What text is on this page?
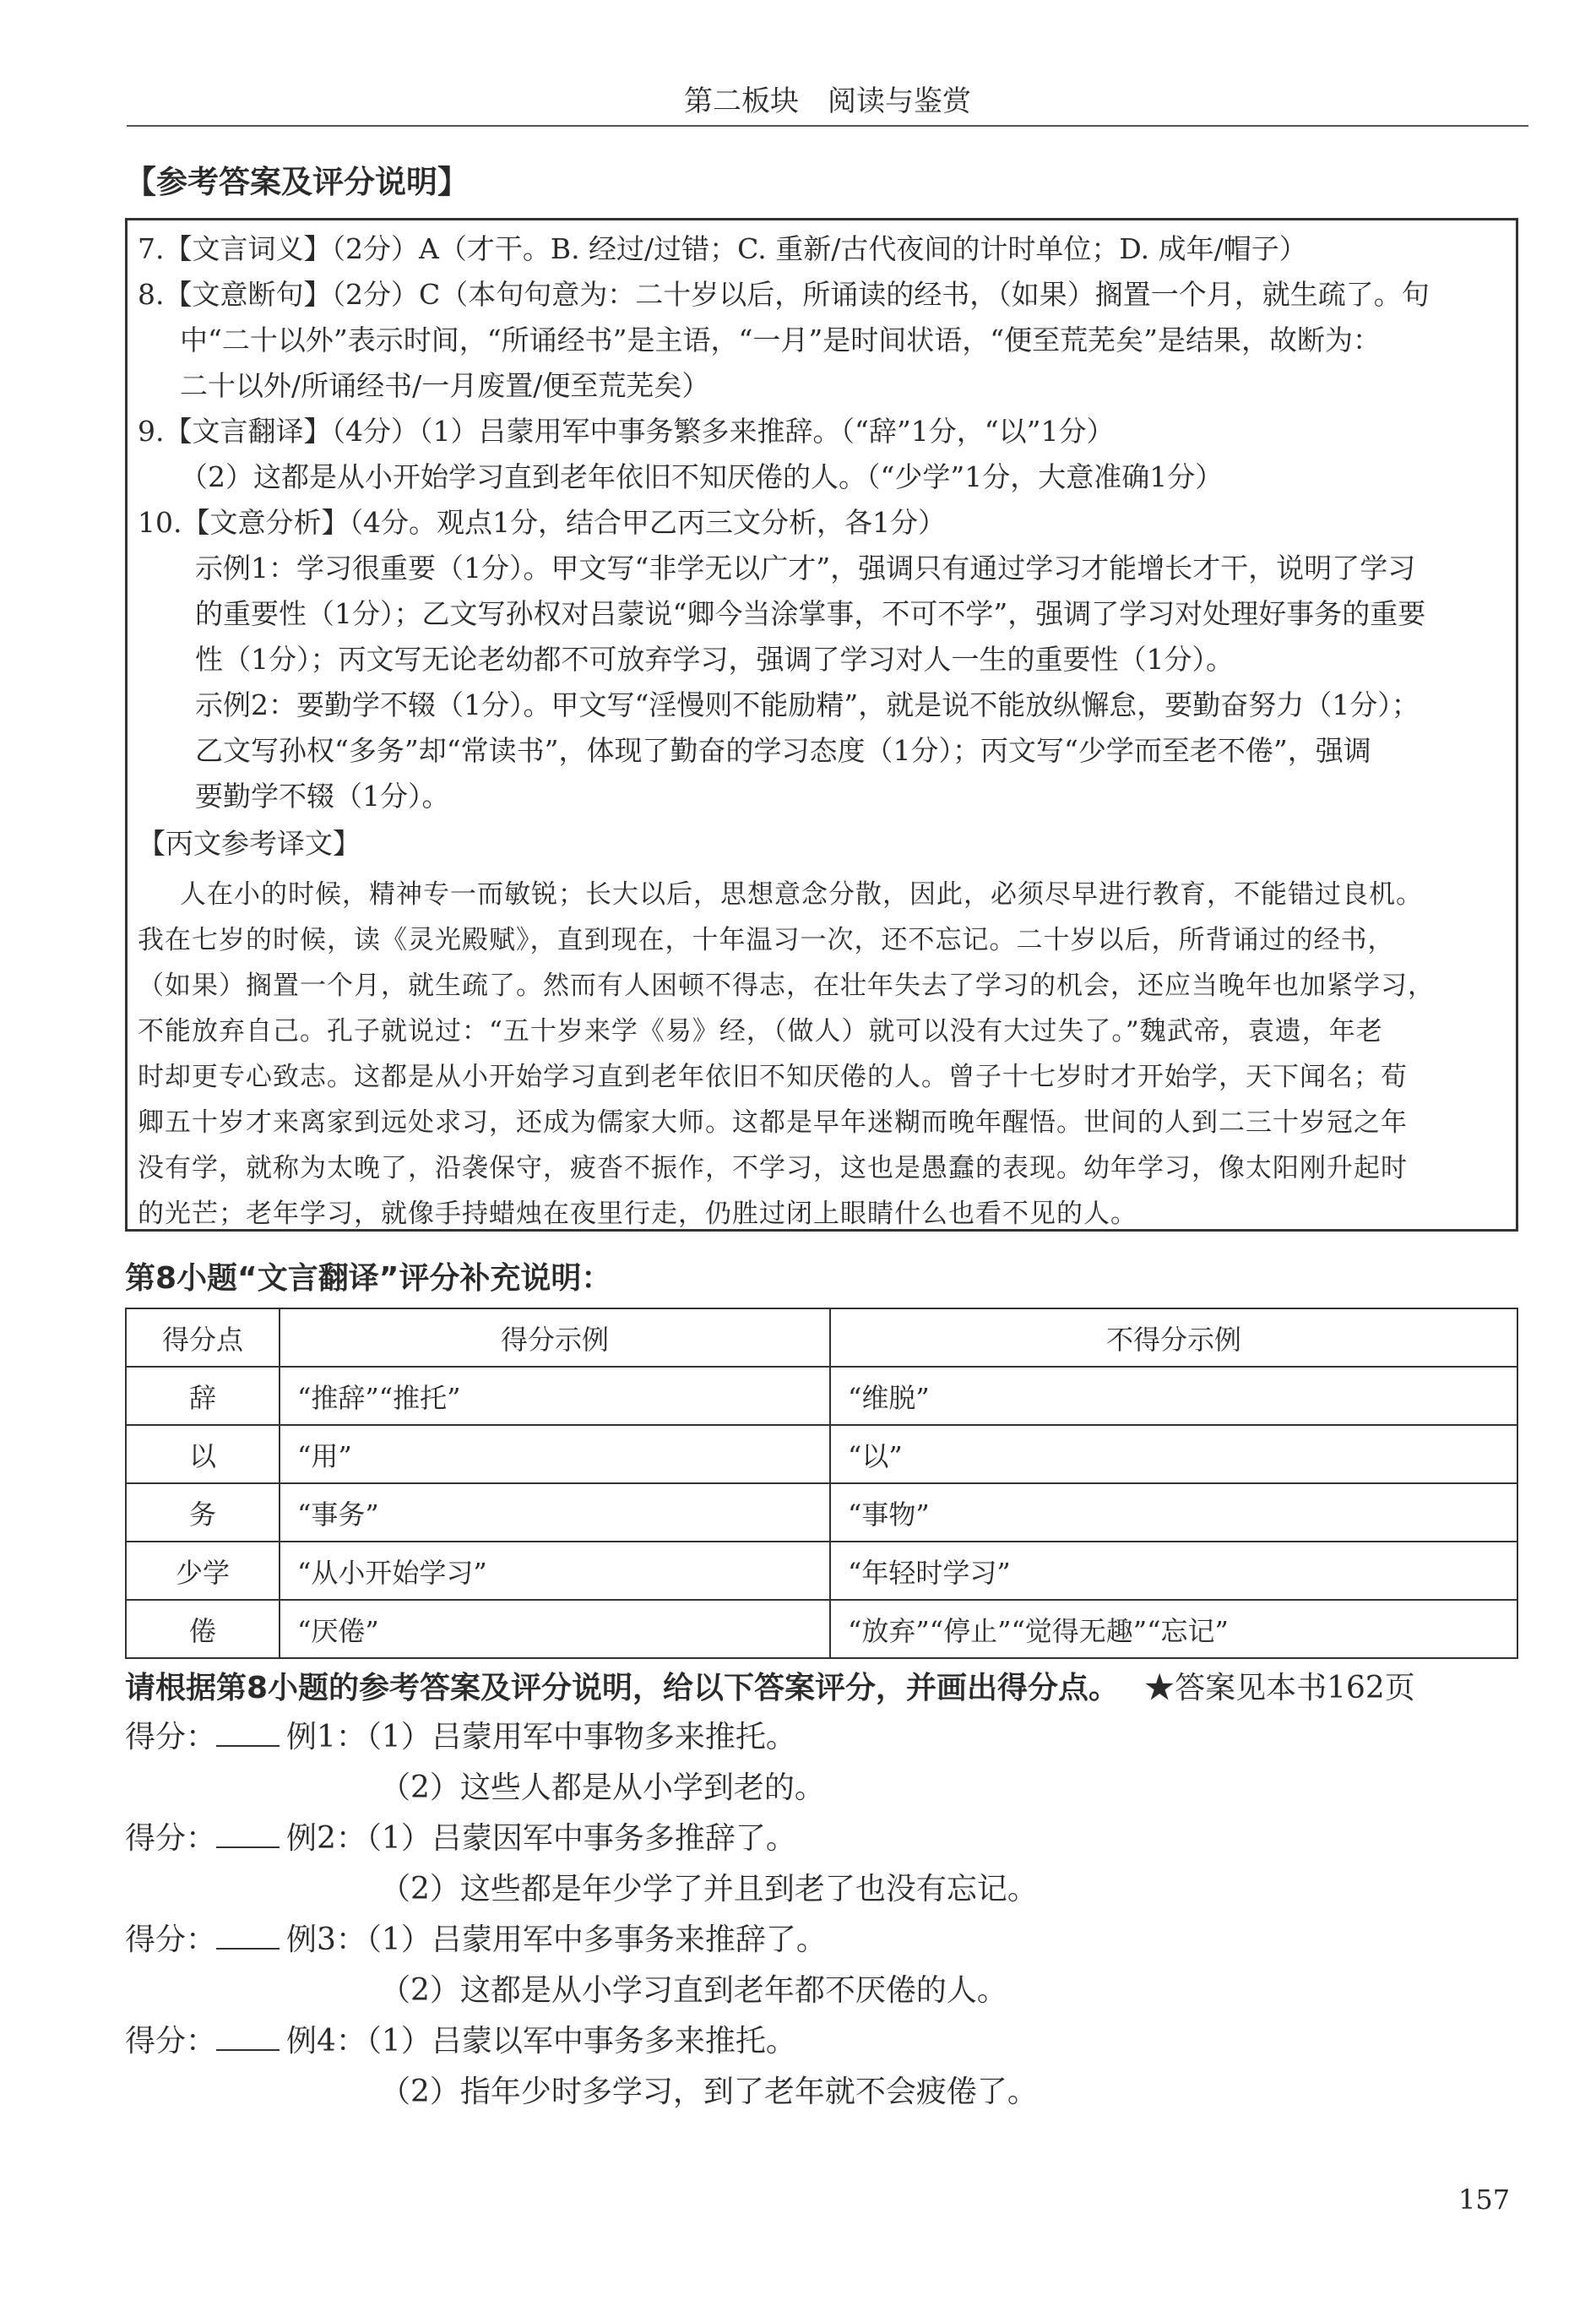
第二板块　阅读与鉴赏
【参考答案及评分说明】
7.【文言词义】（2分）A（才干。B. 经过/过错；C. 重新/古代夜间的计时单位；D. 成年/帽子）
8.【文意断句】（2分）C（本句句意为：二十岁以后，所诵读的经书，（如果）搁置一个月，就生疏了。句
中“二十以外”表示时间，“所诵经书”是主语，“一月”是时间状语，“便至荒芜矣”是结果，故断为：
二十以外/所诵经书/一月废置/便至荒芜矣）
9.【文言翻译】（4分）（1）吕蒙用军中事务繁多来推辞。（“辞”1分，“以”1分）
（2）这都是从小开始学习直到老年依旧不知厌倦的人。（“少学”1分，大意准确1分）
10.【文意分析】（4分。观点1分，结合甲乙丙三文分析，各1分）
示例1：学习很重要（1分）。甲文写“非学无以广才”，强调只有通过学习才能增长才干，说明了学习
的重要性（1分）；乙文写孙权对吕蒙说“卿今当涂掌事，不可不学”，强调了学习对处理好事务的重要
性（1分）；丙文写无论老幼都不可放弃学习，强调了学习对人一生的重要性（1分）。
示例2：要勤学不辍（1分）。甲文写“淫慢则不能励精”，就是说不能放纵懈怠，要勤奋努力（1分）；
乙文写孙权“多务”却“常读书”，体现了勤奋的学习态度（1分）；丙文写“少学而至老不倦”，强调
要勤学不辍（1分）。
【丙文参考译文】
人在小的时候，精神专一而敏锐；长大以后，思想意念分散，因此，必须尽早进行教育，不能错过良机。
我在七岁的时候，读《灵光殿赋》，直到现在，十年温习一次，还不忘记。二十岁以后，所背诵过的经书，
（如果）搁置一个月，就生疏了。然而有人困顿不得志，在壮年失去了学习的机会，还应当晚年也加紧学习，
不能放弃自己。孔子就说过：“五十岁来学《易》经，（做人）就可以没有大过失了。”魏武帝，袁遗，年老
时却更专心致志。这都是从小开始学习直到老年依旧不知厌倦的人。曾子十七岁时才开始学，天下闻名；荀
卿五十岁才来离家到远处求习，还成为儒家大师。这都是早年迷糊而晚年醒悟。世间的人到二三十岁冠之年
没有学，就称为太晚了，沿袭保守，疲沓不振作，不学习，这也是愚蠢的表现。幼年学习，像太阳刚升起时
的光芒；老年学习，就像手持蜡烛在夜里行走，仍胜过闭上眼睛什么也看不见的人。
第8小题“文言翻译”评分补充说明：
得分点	得分示例	不得分示例
辞	“推辞”“推托”	“维脱”
以	“用”	“以”
务	“事务”	“事物”
少学	“从小开始学习”	“年轻时学习”
倦	“厌倦”	“放弃”“停止”“觉得无趣”“忘记”
请根据第8小题的参考答案及评分说明，给以下答案评分，并画出得分点。 ★答案见本书162页
得分： 例1：（1）吕蒙用军中事物多来推托。
（2）这些人都是从小学到老的。
得分： 例2：（1）吕蒙因军中事务多推辞了。
（2）这些都是年少学了并且到老了也没有忘记。
得分： 例3：（1）吕蒙用军中多事务来推辞了。
（2）这都是从小学习直到老年都不厌倦的人。
得分： 例4：（1）吕蒙以军中事务多来推托。
（2）指年少时多学习，到了老年就不会疲倦了。
157
